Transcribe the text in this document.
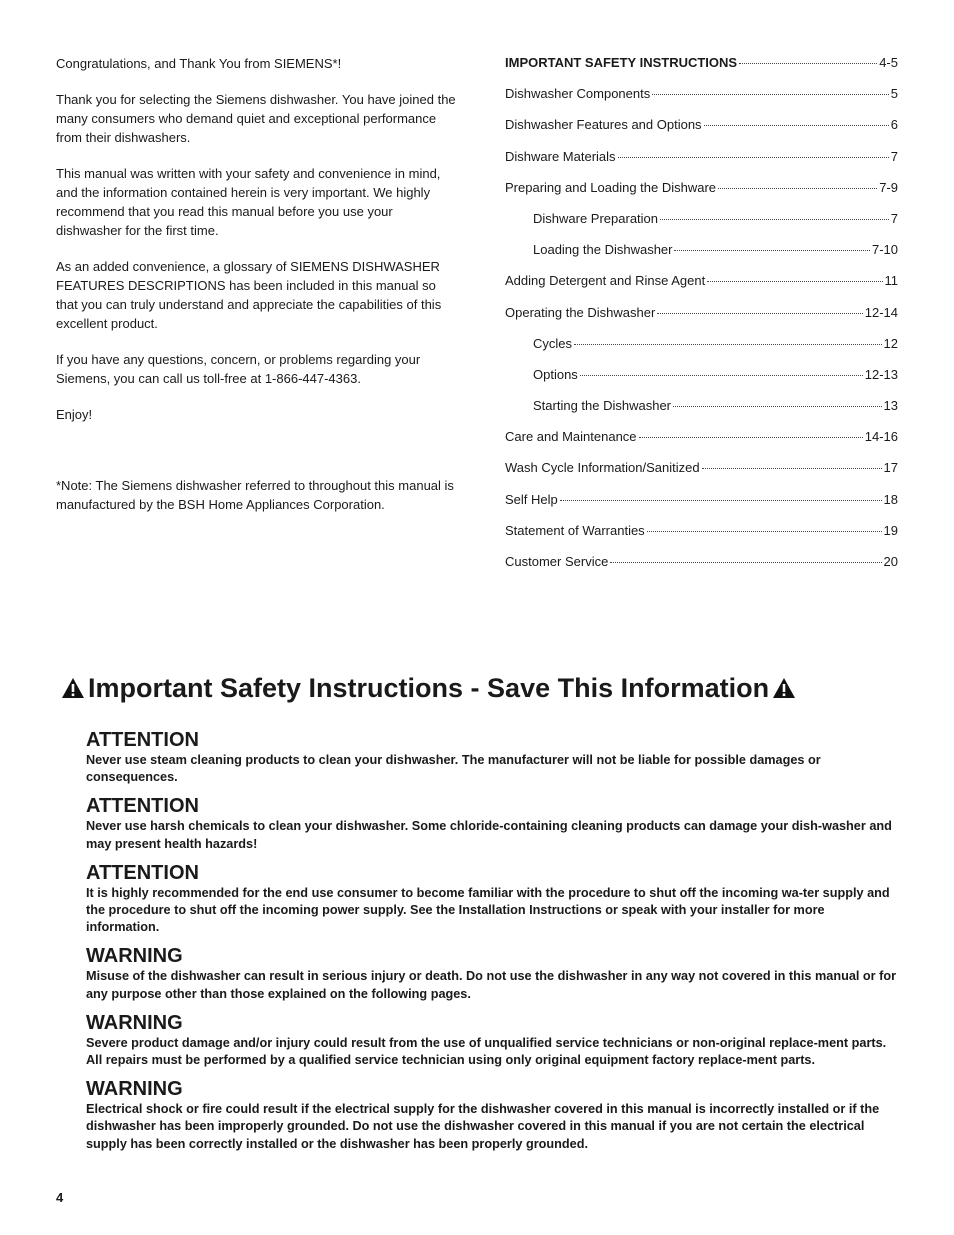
Congratulations, and Thank You from SIEMENS*!

Thank you for selecting the Siemens dishwasher. You have joined the many consumers who demand quiet and exceptional performance from their dishwashers.

This manual was written with your safety and convenience in mind, and the information contained herein is very important. We highly recommend that you read this manual before you use your dishwasher for the first time.

As an added convenience, a glossary of SIEMENS DISHWASHER FEATURES DESCRIPTIONS has been included in this manual so that you can truly understand and appreciate the capabilities of this excellent product.

If you have any questions, concern, or problems regarding your Siemens, you can call us toll-free at 1-866-447-4363.

Enjoy!

*Note: The Siemens dishwasher referred to throughout this manual is manufactured by the BSH Home Appliances Corporation.

IMPORTANT SAFETY INSTRUCTIONS	4-5
Dishwasher Components	5
Dishwasher Features and Options	6
Dishware Materials	7
Preparing and Loading the Dishware	7-9
Dishware Preparation	7
Loading the Dishwasher	7-10
Adding Detergent and Rinse Agent	11
Operating the Dishwasher	12-14
Cycles	12
Options	12-13
Starting the Dishwasher	13
Care and Maintenance	14-16
Wash Cycle Information/Sanitized	17
Self Help	18
Statement of Warranties	19
Customer Service	20
Important Safety Instructions - Save This Information
ATTENTION

Never use steam cleaning products to clean your dishwasher. The manufacturer will not be liable for possible damages or consequences.

ATTENTION

Never use harsh chemicals to clean your dishwasher. Some chloride-containing cleaning products can damage your dish-washer and may present health hazards!

ATTENTION

It is highly recommended for the end use consumer to become familiar with the procedure to shut off the incoming wa-ter supply and the procedure to shut off the incoming power supply. See the Installation Instructions or speak with your installer for more information.

WARNING

Misuse of the dishwasher can result in serious injury or death. Do not use the dishwasher in any way not covered in this manual or for any purpose other than those explained on the following pages.

WARNING

Severe product damage and/or injury could result from the use of unqualified service technicians or non-original replace-ment parts. All repairs must be performed by a qualified service technician using only original equipment factory replace-ment parts.

WARNING

Electrical shock or fire could result if the electrical supply for the dishwasher covered in this manual is incorrectly installed or if the dishwasher has been improperly grounded. Do not use the dishwasher covered in this manual if you are not certain the electrical supply has been correctly installed or the dishwasher has been properly grounded.

4
